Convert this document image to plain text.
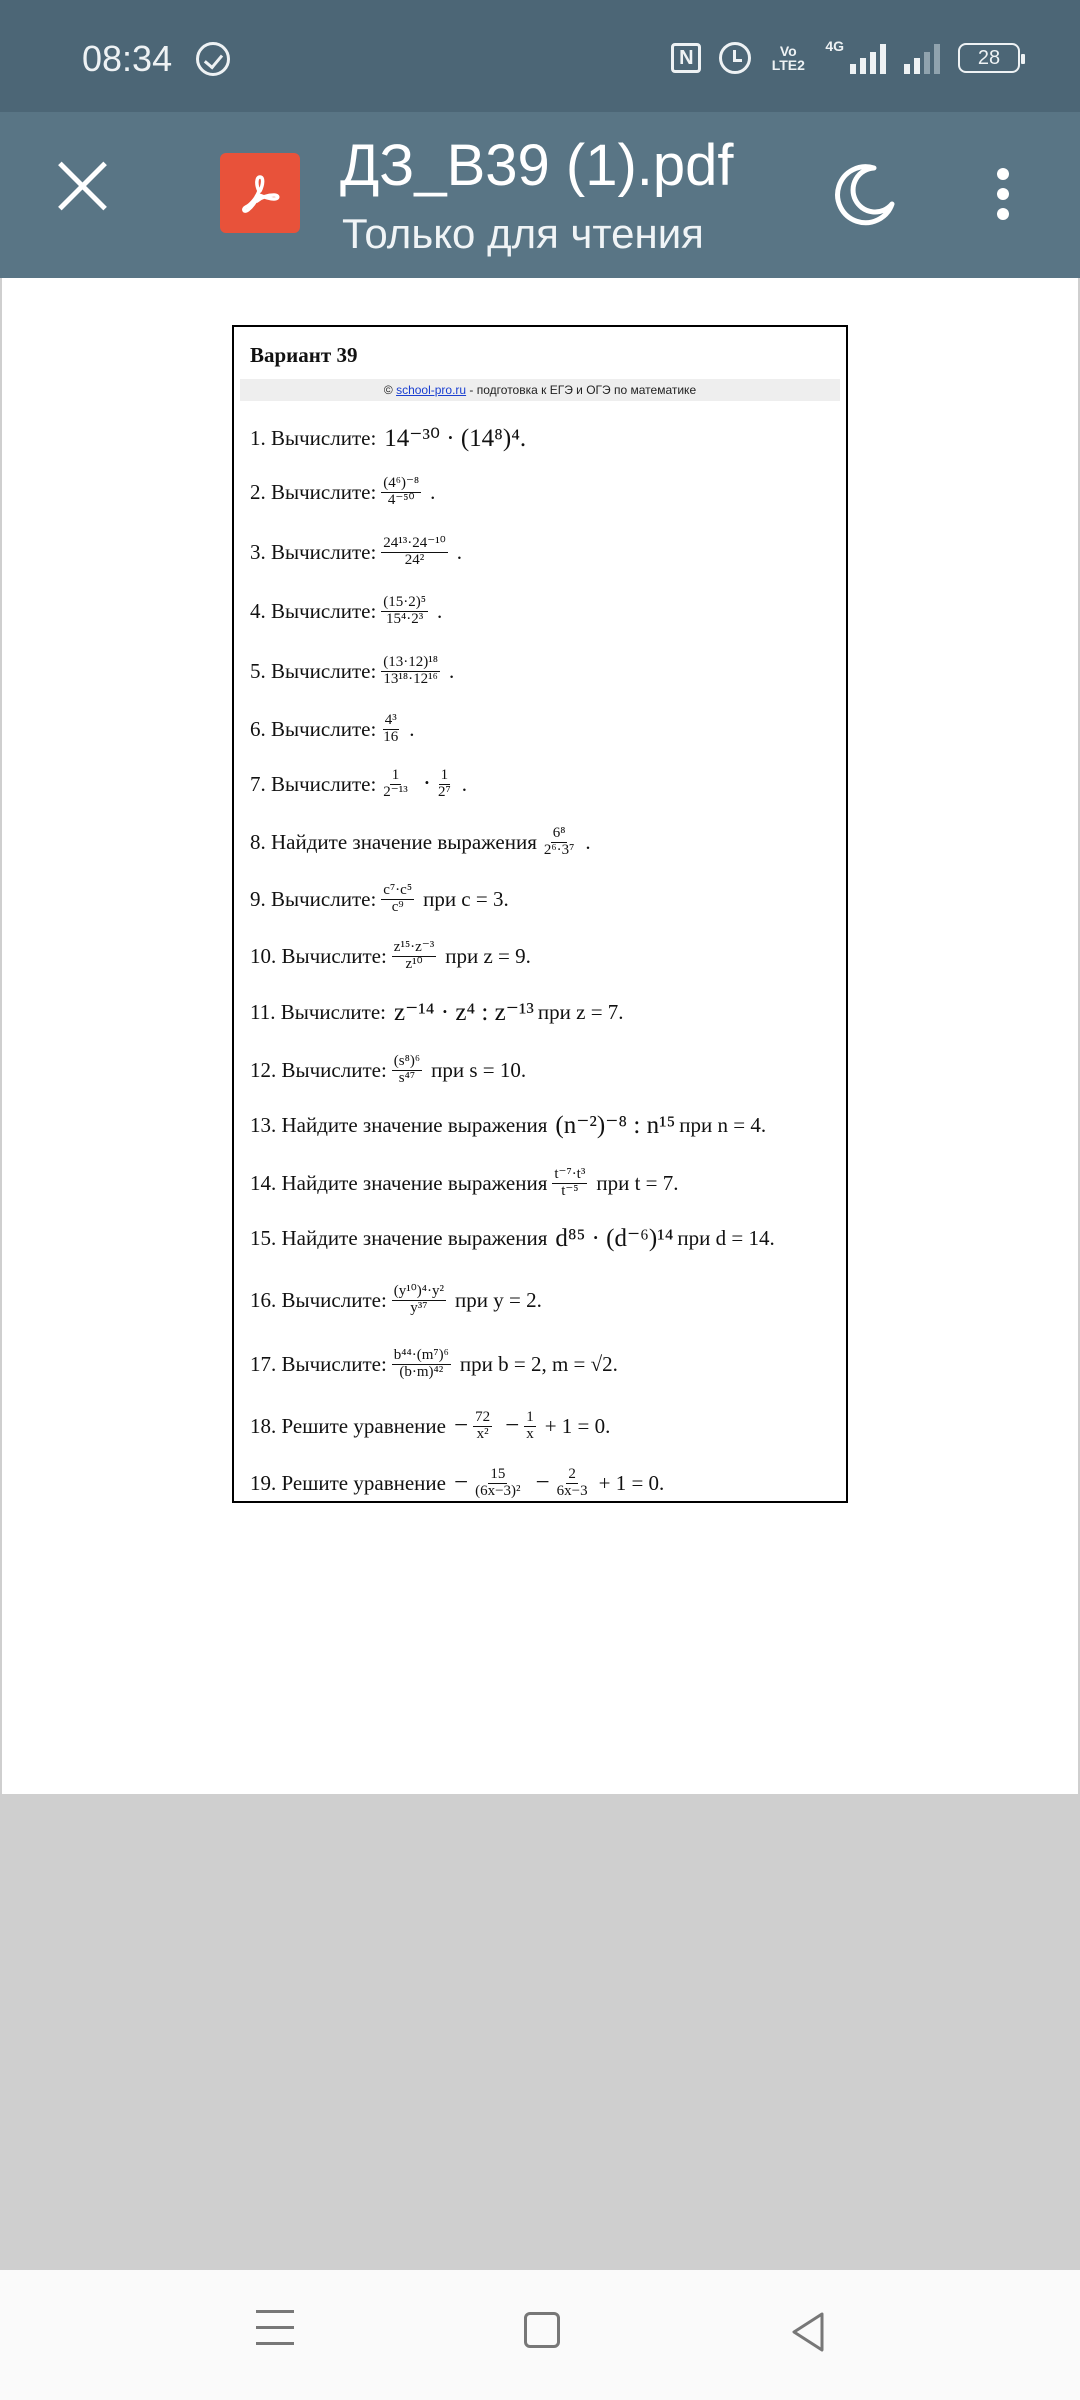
08:34	N	Vo LTE2
4G
28
ДЗ_В39 (1).pdf
Только для чтения
Вариант 39
© school-pro.ru - подготовка к ЕГЭ и ОГЭ по математике
1. Вычислите: 14⁻³⁰ · (14⁸)⁴.
2. Вычислите: $\frac{\text{(4⁶)⁻⁸}}{\text{4⁻⁵⁰}}$ .
3. Вычислите: $\frac{\text{24¹³·24⁻¹⁰}}{\text{24²}}$ .
4. Вычислите: $\frac{\text{(15·2)⁵}}{\text{15⁴·2³}}$ .
5. Вычислите: $\frac{\text{(13·12)¹⁸}}{\text{13¹⁸·12¹⁶}}$ .
6. Вычислите: $\frac{\text{4³}}{16}$ .
7. Вычислите: $\frac{1}{\text{2⁻¹³}} \cdot \frac{1}{\text{2⁷}}$ .
8. Найдите значение выражения $\frac{\text{6⁸}}{\text{2⁶·3⁷}}$ .
9. Вычислите: $\frac{\text{c⁷·c⁵}}{\text{c⁹}}$ при c = 3.
10. Вычислите: $\frac{\text{z¹⁵·z⁻³}}{\text{z¹⁰}}$ при z = 9.
11. Вычислите: z⁻¹⁴ · z⁴ : z⁻¹³ при z = 7.
12. Вычислите: $\frac{\text{(s⁸)⁶}}{\text{s⁴⁷}}$ при s = 10.
13. Найдите значение выражения (n⁻²)⁻⁸ : n¹⁵ при n = 4.
14. Найдите значение выражения $\frac{\text{t⁻⁷·t³}}{\text{t⁻⁵}}$ при t = 7.
15. Найдите значение выражения d⁸⁵ · (d⁻⁶)¹⁴ при d = 14.
16. Вычислите: $\frac{\text{(y¹⁰)⁴·y²}}{\text{y³⁷}}$ при y = 2.
17. Вычислите: $\frac{\text{b⁴⁴·(m⁷)⁶}}{\text{(b·m)⁴²}}$ при b = 2, m = √2.
18. Решите уравнение − $\frac{72}{\text{x²}} - \frac{1}{x} + 1 = 0$.
19. Решите уравнение − $\frac{15}{\text{(6x−3)²}} - \frac{2}{6x-3} + 1 = 0$.
